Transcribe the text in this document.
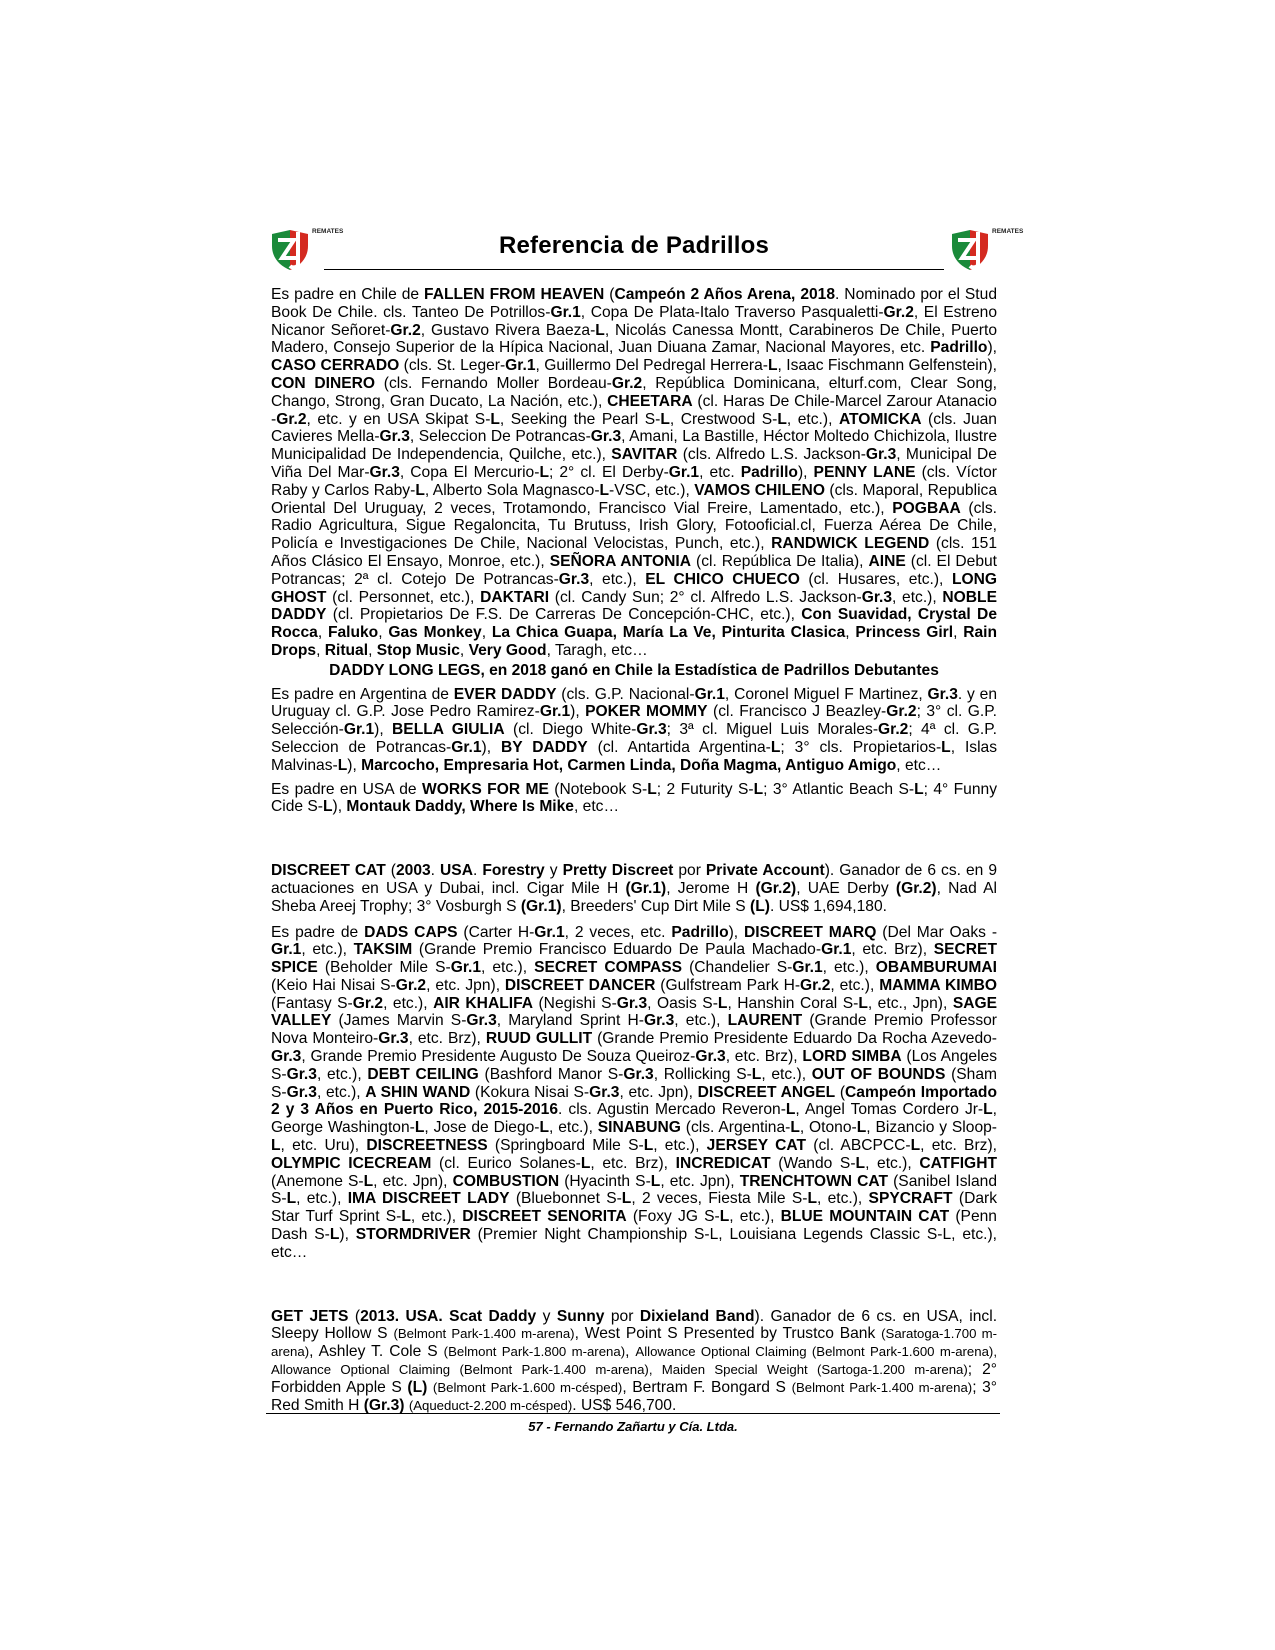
REMATES
Referencia de Padrillos
REMATES

Es padre en Chile de FALLEN FROM HEAVEN (Campeón 2 Años Arena, 2018. Nominado por el Stud Book De Chile. cls. Tanteo De Potrillos-Gr.1, Copa De Plata-Italo Traverso Pasqualetti-Gr.2, El Estreno Nicanor Señoret-Gr.2, Gustavo Rivera Baeza-L, Nicolás Canessa Montt, Carabineros De Chile, Puerto Madero, Consejo Superior de la Hípica Nacional, Juan Diuana Zamar, Nacional Mayores, etc. Padrillo), CASO CERRADO (cls. St. Leger-Gr.1, Guillermo Del Pedregal Herrera-L, Isaac Fischmann Gelfenstein), CON DINERO (cls. Fernando Moller Bordeau-Gr.2, República Dominicana, elturf.com, Clear Song, Chango, Strong, Gran Ducato, La Nación, etc.), CHEETARA (cl. Haras De Chile-Marcel Zarour Atanacio -Gr.2, etc. y en USA Skipat S-L, Seeking the Pearl S-L, Crestwood S-L, etc.), ATOMICKA (cls. Juan Cavieres Mella-Gr.3, Seleccion De Potrancas-Gr.3, Amani, La Bastille, Héctor Moltedo Chichizola, Ilustre Municipalidad De Independencia, Quilche, etc.), SAVITAR (cls. Alfredo L.S. Jackson-Gr.3, Municipal De Viña Del Mar-Gr.3, Copa El Mercurio-L; 2° cl. El Derby-Gr.1, etc. Padrillo), PENNY LANE (cls. Víctor Raby y Carlos Raby-L, Alberto Sola Magnasco-L-VSC, etc.), VAMOS CHILENO (cls. Maporal, Republica Oriental Del Uruguay, 2 veces, Trotamondo, Francisco Vial Freire, Lamentado, etc.), POGBAA (cls. Radio Agricultura, Sigue Regaloncita, Tu Brutuss, Irish Glory, Fotooficial.cl, Fuerza Aérea De Chile, Policía e Investigaciones De Chile, Nacional Velocistas, Punch, etc.), RANDWICK LEGEND (cls. 151 Años Clásico El Ensayo, Monroe, etc.), SEÑORA ANTONIA (cl. República De Italia), AINE (cl. El Debut Potrancas; 2ª cl. Cotejo De Potrancas-Gr.3, etc.), EL CHICO CHUECO (cl. Husares, etc.), LONG GHOST (cl. Personnet, etc.), DAKTARI (cl. Candy Sun; 2° cl. Alfredo L.S. Jackson-Gr.3, etc.), NOBLE DADDY (cl. Propietarios De F.S. De Carreras De Concepción-CHC, etc.), Con Suavidad, Crystal De Rocca, Faluko, Gas Monkey, La Chica Guapa, María La Ve, Pinturita Clasica, Princess Girl, Rain Drops, Ritual, Stop Music, Very Good, Taragh, etc…

DADDY LONG LEGS, en 2018 ganó en Chile la Estadística de Padrillos Debutantes

Es padre en Argentina de EVER DADDY (cls. G.P. Nacional-Gr.1, Coronel Miguel F Martinez, Gr.3. y en Uruguay cl. G.P. Jose Pedro Ramirez-Gr.1), POKER MOMMY (cl. Francisco J Beazley-Gr.2; 3° cl. G.P. Selección-Gr.1), BELLA GIULIA (cl. Diego White-Gr.3; 3ª cl. Miguel Luis Morales-Gr.2; 4ª cl. G.P. Seleccion de Potrancas-Gr.1), BY DADDY (cl. Antartida Argentina-L; 3° cls. Propietarios-L, Islas Malvinas-L), Marcocho, Empresaria Hot, Carmen Linda, Doña Magma, Antiguo Amigo, etc…

Es padre en USA de WORKS FOR ME (Notebook S-L; 2 Futurity S-L; 3° Atlantic Beach S-L; 4° Funny Cide S-L), Montauk Daddy, Where Is Mike, etc…

DISCREET CAT (2003. USA. Forestry y Pretty Discreet por Private Account). Ganador de 6 cs. en 9 actuaciones en USA y Dubai, incl. Cigar Mile H (Gr.1), Jerome H (Gr.2), UAE Derby (Gr.2), Nad Al Sheba Areej Trophy; 3° Vosburgh S (Gr.1), Breeders' Cup Dirt Mile S (L). US$ 1,694,180.

Es padre de DADS CAPS (Carter H-Gr.1, 2 veces, etc. Padrillo), DISCREET MARQ (Del Mar Oaks -Gr.1, etc.), TAKSIM (Grande Premio Francisco Eduardo De Paula Machado-Gr.1, etc. Brz), SECRET SPICE (Beholder Mile S-Gr.1, etc.), SECRET COMPASS (Chandelier S-Gr.1, etc.), OBAMBURUMAI (Keio Hai Nisai S-Gr.2, etc. Jpn), DISCREET DANCER (Gulfstream Park H-Gr.2, etc.), MAMMA KIMBO (Fantasy S-Gr.2, etc.), AIR KHALIFA (Negishi S-Gr.3, Oasis S-L, Hanshin Coral S-L, etc., Jpn), SAGE VALLEY (James Marvin S-Gr.3, Maryland Sprint H-Gr.3, etc.), LAURENT (Grande Premio Professor Nova Monteiro-Gr.3, etc. Brz), RUUD GULLIT (Grande Premio Presidente Eduardo Da Rocha Azevedo-Gr.3, Grande Premio Presidente Augusto De Souza Queiroz-Gr.3, etc. Brz), LORD SIMBA (Los Angeles S-Gr.3, etc.), DEBT CEILING (Bashford Manor S-Gr.3, Rollicking S-L, etc.), OUT OF BOUNDS (Sham S-Gr.3, etc.), A SHIN WAND (Kokura Nisai S-Gr.3, etc. Jpn), DISCREET ANGEL (Campeón Importado 2 y 3 Años en Puerto Rico, 2015-2016. cls. Agustin Mercado Reveron-L, Angel Tomas Cordero Jr-L, George Washington-L, Jose de Diego-L, etc.), SINABUNG (cls. Argentina-L, Otono-L, Bizancio y Sloop-L, etc. Uru), DISCREETNESS (Springboard Mile S-L, etc.), JERSEY CAT (cl. ABCPCC-L, etc. Brz), OLYMPIC ICECREAM (cl. Eurico Solanes-L, etc. Brz), INCREDICAT (Wando S-L, etc.), CATFIGHT (Anemone S-L, etc. Jpn), COMBUSTION (Hyacinth S-L, etc. Jpn), TRENCHTOWN CAT (Sanibel Island S-L, etc.), IMA DISCREET LADY (Bluebonnet S-L, 2 veces, Fiesta Mile S-L, etc.), SPYCRAFT (Dark Star Turf Sprint S-L, etc.), DISCREET SENORITA (Foxy JG S-L, etc.), BLUE MOUNTAIN CAT (Penn Dash S-L), STORMDRIVER (Premier Night Championship S-L, Louisiana Legends Classic S-L, etc.), etc…

GET JETS (2013. USA. Scat Daddy y Sunny por Dixieland Band). Ganador de 6 cs. en USA, incl. Sleepy Hollow S (Belmont Park-1.400 m-arena), West Point S Presented by Trustco Bank (Saratoga-1.700 m-arena), Ashley T. Cole S (Belmont Park-1.800 m-arena), Allowance Optional Claiming (Belmont Park-1.600 m-arena), Allowance Optional Claiming (Belmont Park-1.400 m-arena), Maiden Special Weight (Sartoga-1.200 m-arena); 2° Forbidden Apple S (L) (Belmont Park-1.600 m-césped), Bertram F. Bongard S (Belmont Park-1.400 m-arena); 3° Red Smith H (Gr.3) (Aqueduct-2.200 m-césped). US$ 546,700.

57 - Fernando Zañartu y Cía. Ltda.
